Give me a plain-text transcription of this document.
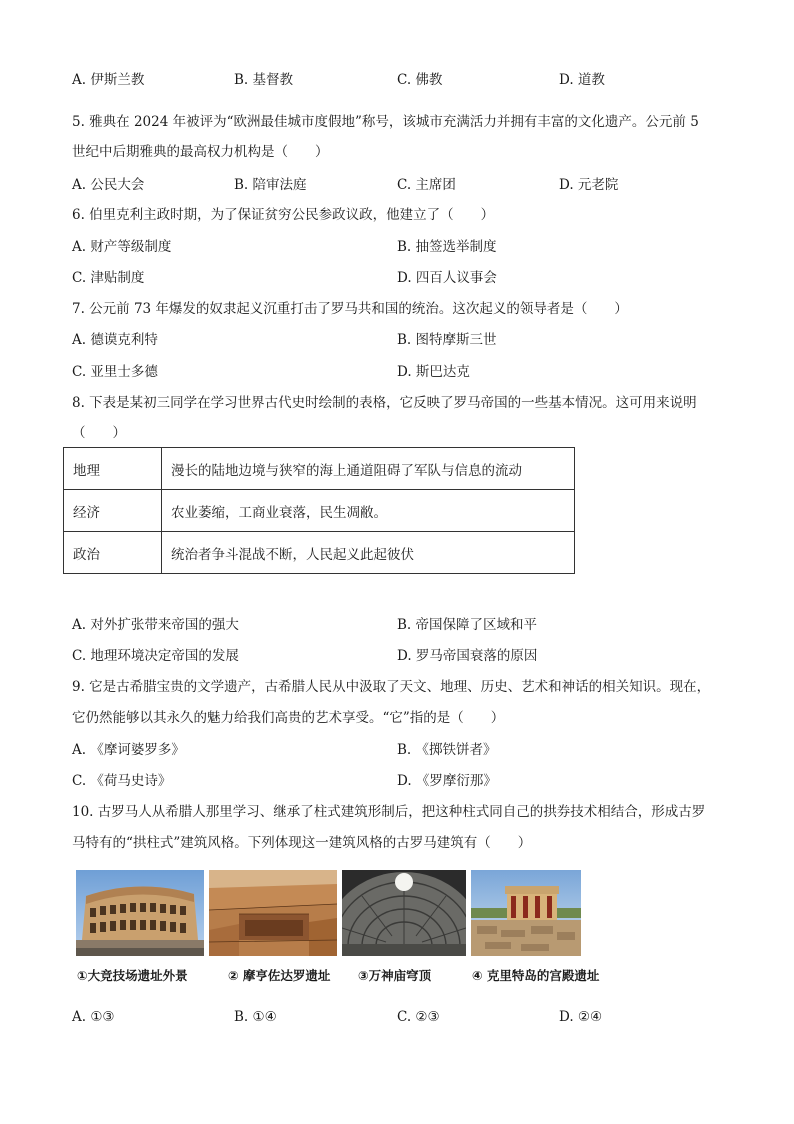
A. 伊斯兰教	B. 基督教	C. 佛教	D. 道教
5. 雅典在 2024 年被评为“欧洲最佳城市度假地”称号，该城市充满活力并拥有丰富的文化遗产。公元前 5
世纪中后期雅典的最高权力机构是（　　）
A. 公民大会	B. 陪审法庭	C. 主席团	D. 元老院
6. 伯里克利主政时期，为了保证贫穷公民参政议政，他建立了（　　）
A. 财产等级制度	B. 抽签选举制度
C. 津贴制度	D. 四百人议事会
7. 公元前 73 年爆发的奴隶起义沉重打击了罗马共和国的统治。这次起义的领导者是（　　）
A. 德谟克利特	B. 图特摩斯三世
C. 亚里士多德	D. 斯巴达克
8. 下表是某初三同学在学习世界古代史时绘制的表格，它反映了罗马帝国的一些基本情况。这可用来说明
（　　）
地理	漫长的陆地边境与狭窄的海上通道阻碍了军队与信息的流动
经济	农业萎缩，工商业衰落，民生凋敝。
政治	统治者争斗混战不断，人民起义此起彼伏
A. 对外扩张带来帝国的强大	B. 帝国保障了区域和平
C. 地理环境决定帝国的发展	D. 罗马帝国衰落的原因
9. 它是古希腊宝贵的文学遗产，古希腊人民从中汲取了天文、地理、历史、艺术和神话的相关知识。现在，
它仍然能够以其永久的魅力给我们高贵的艺术享受。“它”指的是（　　）
A. 《摩诃婆罗多》	B. 《掷铁饼者》
C. 《荷马史诗》	D. 《罗摩衍那》
10. 古罗马人从希腊人那里学习、继承了柱式建筑形制后，把这种柱式同自己的拱券技术相结合，形成古罗
马特有的“拱柱式”建筑风格。下列体现这一建筑风格的古罗马建筑有（　　）
①大竞技场遗址外景	② 摩亨佐达罗遗址 ③万神庙穹顶	④ 克里特岛的宫殿遗址
A. ①③	B. ①④	C. ②③	D. ②④
